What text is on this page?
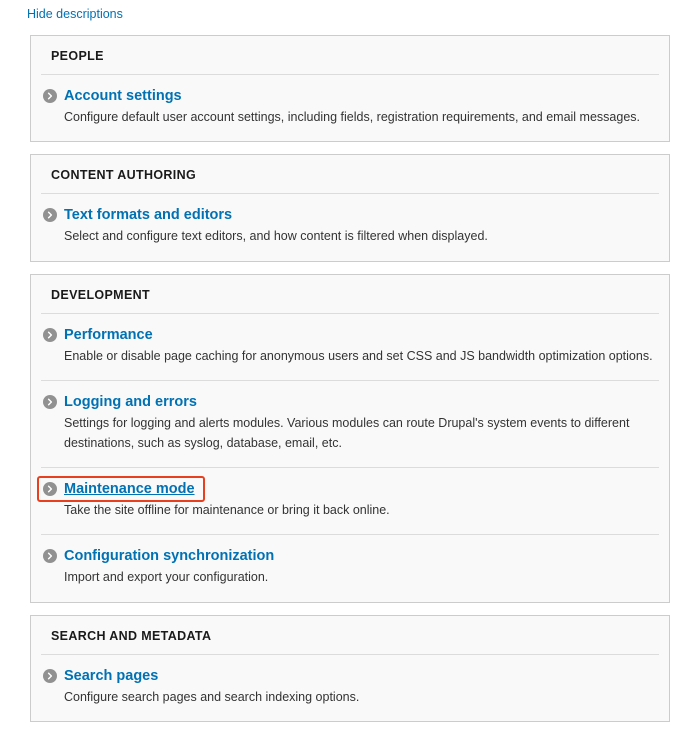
Hide descriptions
PEOPLE
Account settings
Configure default user account settings, including fields, registration requirements, and email messages.
CONTENT AUTHORING
Text formats and editors
Select and configure text editors, and how content is filtered when displayed.
DEVELOPMENT
Performance
Enable or disable page caching for anonymous users and set CSS and JS bandwidth optimization options.
Logging and errors
Settings for logging and alerts modules. Various modules can route Drupal's system events to different destinations, such as syslog, database, email, etc.
Maintenance mode
Take the site offline for maintenance or bring it back online.
Configuration synchronization
Import and export your configuration.
SEARCH AND METADATA
Search pages
Configure search pages and search indexing options.
